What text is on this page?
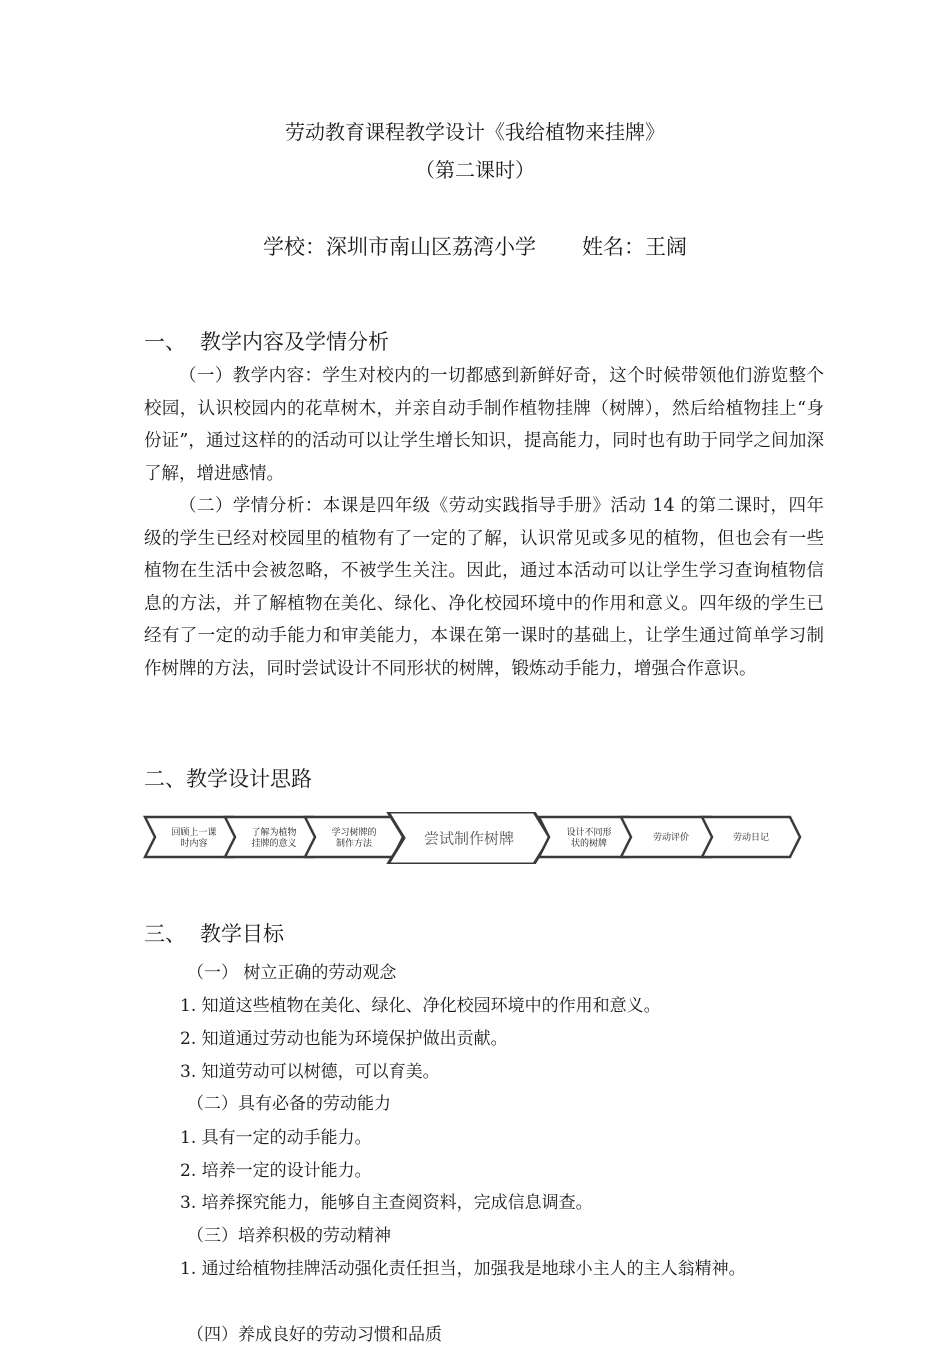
劳动教育课程教学设计《我给植物来挂牌》
（第二课时）
学校：深圳市南山区荔湾小学 姓名：王阔
一、 教学内容及学情分析

（一）教学内容：学生对校内的一切都感到新鲜好奇，这个时候带领他们游览整个校园，认识校园内的花草树木，并亲自动手制作植物挂牌（树牌），然后给植物挂上“身份证”，通过这样的的活动可以让学生增长知识，提高能力，同时也有助于同学之间加深了解，增进感情。

（二）学情分析：本课是四年级《劳动实践指导手册》活动 14 的第二课时，四年级的学生已经对校园里的植物有了一定的了解，认识常见或多见的植物，但也会有一些植物在生活中会被忽略，不被学生关注。因此，通过本活动可以让学生学习查询植物信息的方法，并了解植物在美化、绿化、净化校园环境中的作用和意义。四年级的学生已经有了一定的动手能力和审美能力，本课在第一课时的基础上，让学生通过简单学习制作树牌的方法，同时尝试设计不同形状的树牌，锻炼动手能力，增强合作意识。

二、教学设计思路
回顾上一课
时内容
了解为植物
挂牌的意义
学习树牌的
制作方法	尝试制作树牌	设计不同形
状的树牌
劳动评价	劳动日记
三、 教学目标
（一） 树立正确的劳动观念
1. 知道这些植物在美化、绿化、净化校园环境中的作用和意义。
2. 知道通过劳动也能为环境保护做出贡献。
3. 知道劳动可以树德，可以育美。
（二）具有必备的劳动能力
1. 具有一定的动手能力。
2. 培养一定的设计能力。
3. 培养探究能力，能够自主查阅资料，完成信息调查。
（三）培养积极的劳动精神
1. 通过给植物挂牌活动强化责任担当，加强我是地球小主人的主人翁精神。
（四）养成良好的劳动习惯和品质
